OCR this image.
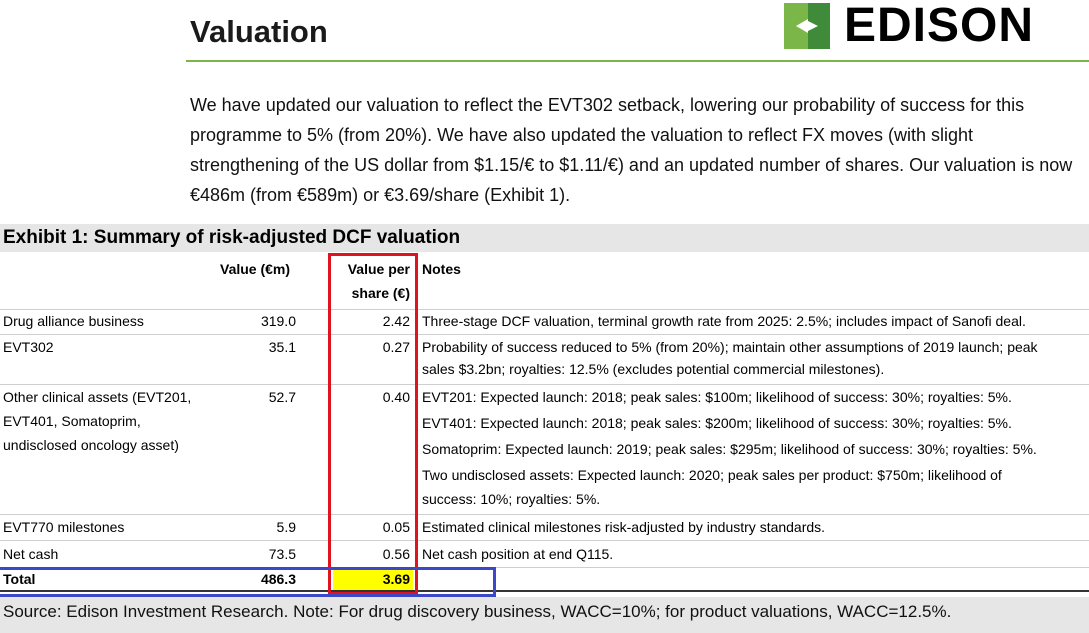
Valuation	EDISON

We have updated our valuation to reflect the EVT302 setback, lowering our probability of success for this programme to 5% (from 20%). We have also updated the valuation to reflect FX moves (with slight strengthening of the US dollar from $1.15/€ to $1.11/€) and an updated number of shares. Our valuation is now €486m (from €589m) or €3.69/share (Exhibit 1).

Exhibit 1: Summary of risk-adjusted DCF valuation
Value (€m)	Value per
share (€)
Notes
Drug alliance business	319.0	2.42 Three-stage DCF valuation, terminal growth rate from 2025: 2.5%; includes impact of Sanofi deal.
EVT302	35.1	0.27 Probability of success reduced to 5% (from 20%); maintain other assumptions of 2019 launch; peak
sales $3.2bn; royalties: 12.5% (excludes potential commercial milestones).
Other clinical assets (EVT201,
EVT401, Somatoprim,
undisclosed oncology asset)
52.7	0.40 EVT201: Expected launch: 2018; peak sales: $100m; likelihood of success: 30%; royalties: 5%.
EVT401: Expected launch: 2018; peak sales: $200m; likelihood of success: 30%; royalties: 5%.
Somatoprim: Expected launch: 2019; peak sales: $295m; likelihood of success: 30%; royalties: 5%.
Two undisclosed assets: Expected launch: 2020; peak sales per product: $750m; likelihood of
success: 10%; royalties: 5%.
EVT770 milestones	5.9	0.05 Estimated clinical milestones risk-adjusted by industry standards.
Net cash	73.5	0.56 Net cash position at end Q115.
Total	486.3	3.69
Source: Edison Investment Research. Note: For drug discovery business, WACC=10%; for product valuations, WACC=12.5%.
